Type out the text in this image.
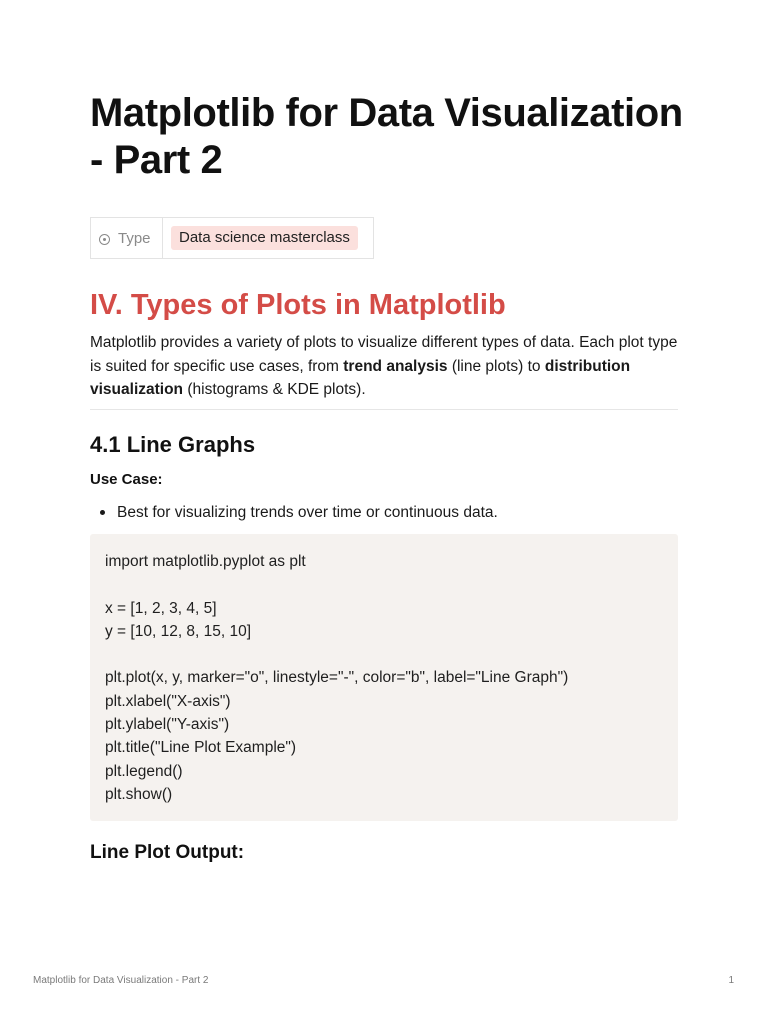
Matplotlib for Data Visualization - Part 2
Type	Data science masterclass
IV. Types of Plots in Matplotlib

Matplotlib provides a variety of plots to visualize different types of data. Each plot type is suited for specific use cases, from trend analysis (line plots) to distribution visualization (histograms & KDE plots).

4.1 Line Graphs

Use Case:

Best for visualizing trends over time or continuous data.
import matplotlib.pyplot as plt
x = [1, 2, 3, 4, 5]
y = [10, 12, 8, 15, 10]
plt.plot(x, y, marker="o", linestyle="-", color="b", label="Line Graph")
plt.xlabel("X-axis")
plt.ylabel("Y-axis")
plt.title("Line Plot Example")
plt.legend()
plt.show()
Line Plot Output:
Matplotlib for Data Visualization - Part 2	1
